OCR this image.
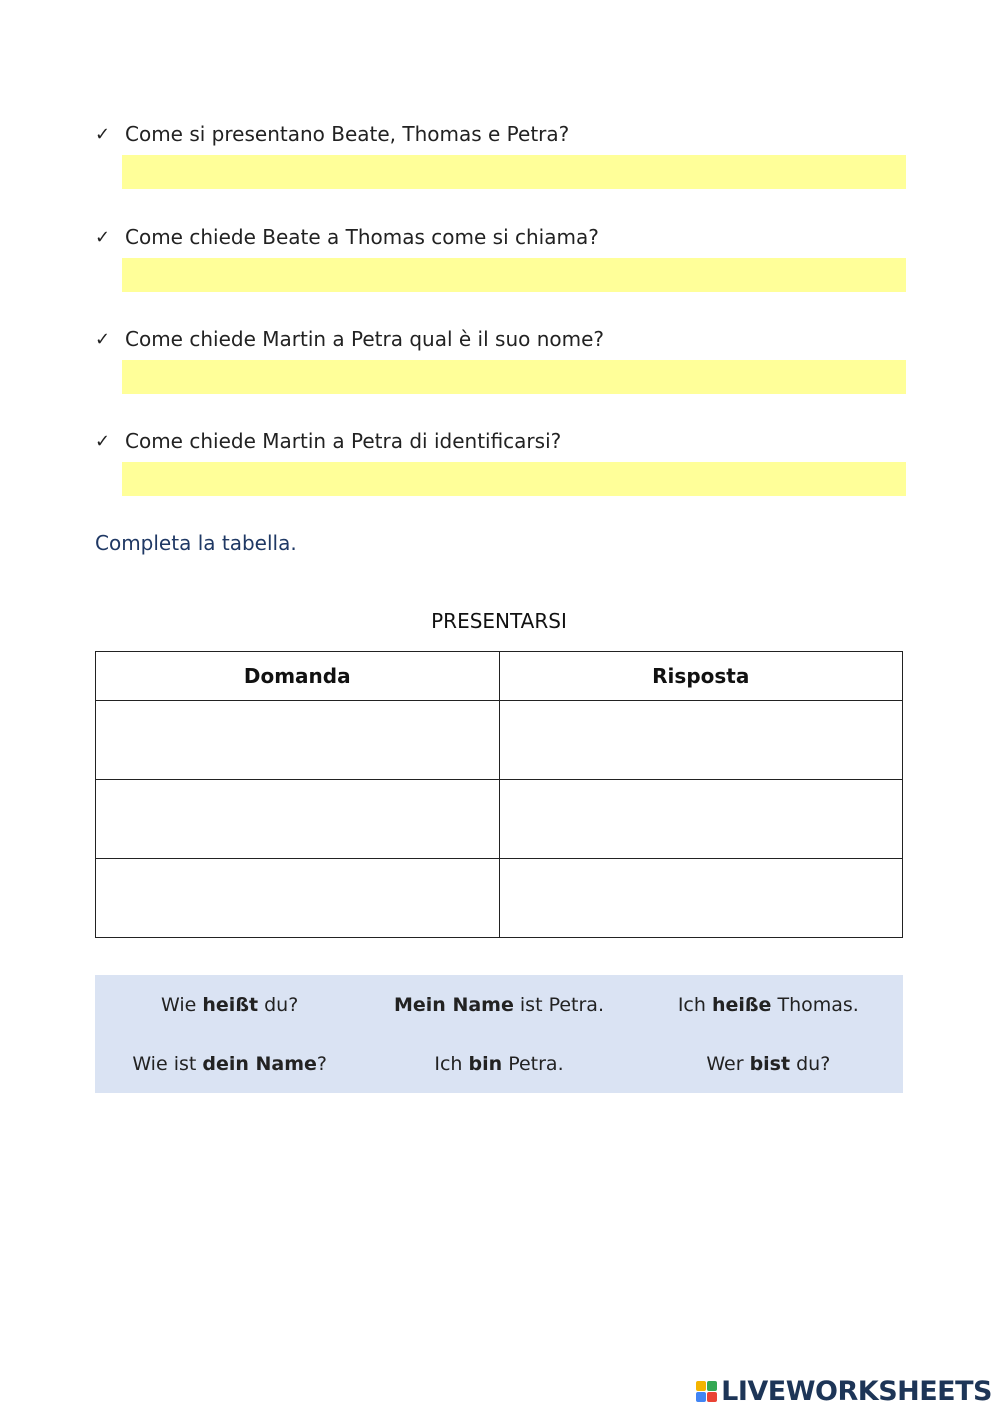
✓ Come si presentano Beate, Thomas e Petra?
✓ Come chiede Beate a Thomas come si chiama?
✓ Come chiede Martin a Petra qual è il suo nome?
✓ Come chiede Martin a Petra di identificarsi?
Completa la tabella.
PRESENTARSI
Domanda	Risposta

Wie heißt du?	Mein Name ist Petra.	Ich heiße Thomas.
Wie ist dein Name?	Ich bin Petra.	Wer bist du?
LIVEWORKSHEETS
